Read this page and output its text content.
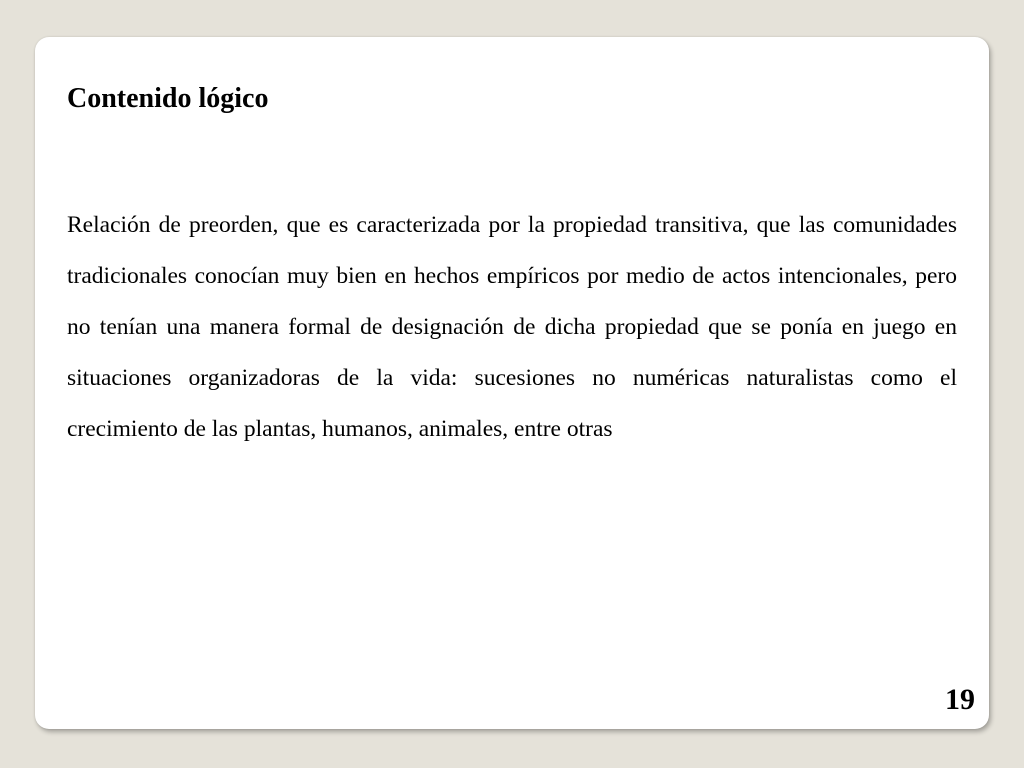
Contenido lógico

Relación de preorden, que es caracterizada por la propiedad transitiva, que las comunidades tradicionales conocían muy bien en hechos empíricos por medio de actos intencionales, pero no tenían una manera formal de designación de dicha propiedad que se ponía en juego en situaciones organizadoras de la vida: sucesiones no numéricas naturalistas como el crecimiento de las plantas, humanos, animales, entre otras

19
